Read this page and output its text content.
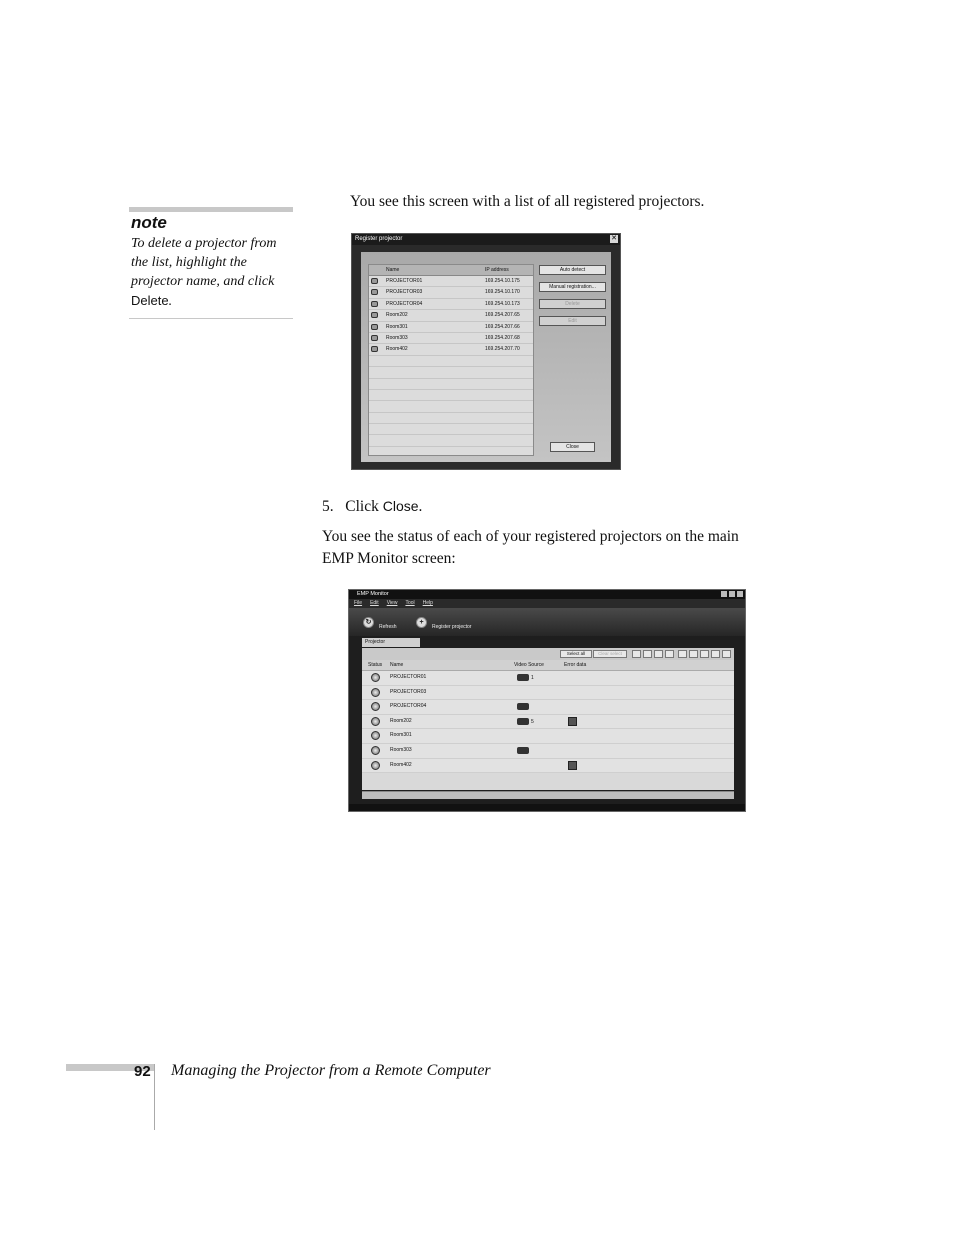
note
To delete a projector from the list, highlight the projector name, and click Delete.
You see this screen with a list of all registered projectors.
Register projector	✕
Name	IP address
PROJECTOR01	169.254.10.175
PROJECTOR03	169.254.10.170
PROJECTOR04	169.254.10.173
Room202	169.254.207.65
Room301	169.254.207.66
Room303	169.254.207.68
Room402	169.254.207.70
Auto detect
Manual registration...
Delete
Edit
Close
5. Click Close.
You see the status of each of your registered projectors on the main EMP Monitor screen:
EMP Monitor
File Edit View Tool Help
↻
Refresh
+
Register projector
Projector
Select all	Clear select
Status Name	Video Source	Error data
PROJECTOR01	1
PROJECTOR03
PROJECTOR04
Room202	5
Room301
Room303
Room402
92 Managing the Projector from a Remote Computer
